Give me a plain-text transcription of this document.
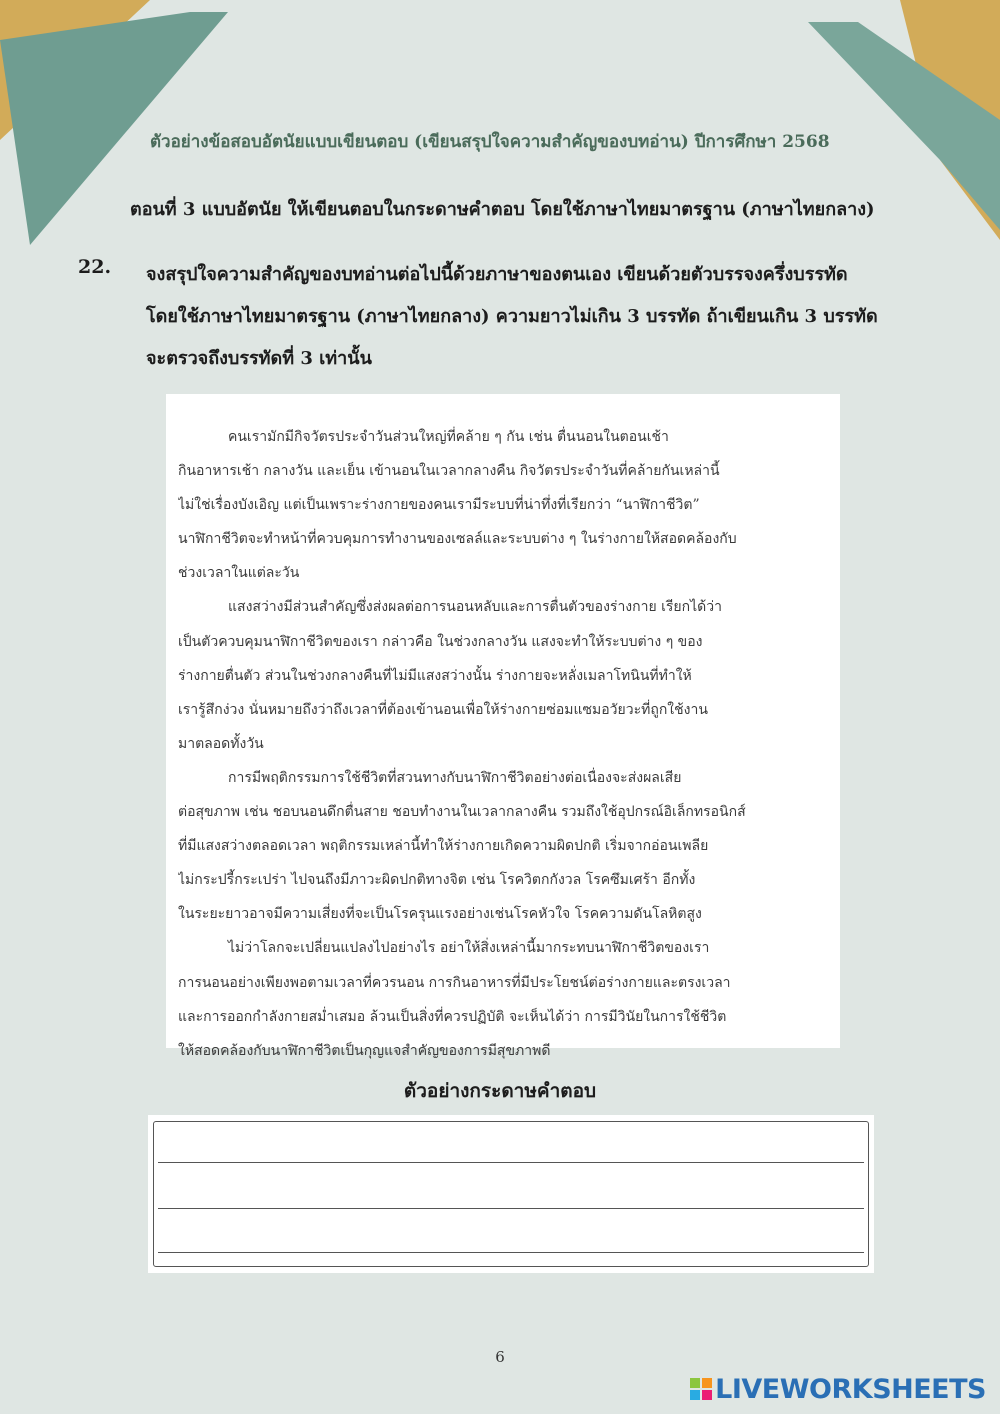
ตัวอย่างข้อสอบอัตนัยแบบเขียนตอบ (เขียนสรุปใจความสำคัญของบทอ่าน) ปีการศึกษา 2568
ตอนที่ 3 แบบอัตนัย ให้เขียนตอบในกระดาษคำตอบ โดยใช้ภาษาไทยมาตรฐาน (ภาษาไทยกลาง)
22. จงสรุปใจความสำคัญของบทอ่านต่อไปนี้ด้วยภาษาของตนเอง เขียนด้วยตัวบรรจงครึ่งบรรทัด
โดยใช้ภาษาไทยมาตรฐาน (ภาษาไทยกลาง) ความยาวไม่เกิน 3 บรรทัด ถ้าเขียนเกิน 3 บรรทัด
จะตรวจถึงบรรทัดที่ 3 เท่านั้น
คนเรามักมีกิจวัตรประจำวันส่วนใหญ่ที่คล้าย ๆ กัน เช่น ตื่นนอนในตอนเช้า
กินอาหารเช้า กลางวัน และเย็น เข้านอนในเวลากลางคืน กิจวัตรประจำวันที่คล้ายกันเหล่านี้
ไม่ใช่เรื่องบังเอิญ แต่เป็นเพราะร่างกายของคนเรามีระบบที่น่าทึ่งที่เรียกว่า “นาฬิกาชีวิต”
นาฬิกาชีวิตจะทำหน้าที่ควบคุมการทำงานของเซลล์และระบบต่าง ๆ ในร่างกายให้สอดคล้องกับ
ช่วงเวลาในแต่ละวัน
แสงสว่างมีส่วนสำคัญซึ่งส่งผลต่อการนอนหลับและการตื่นตัวของร่างกาย เรียกได้ว่า
เป็นตัวควบคุมนาฬิกาชีวิตของเรา กล่าวคือ ในช่วงกลางวัน แสงจะทำให้ระบบต่าง ๆ ของ
ร่างกายตื่นตัว ส่วนในช่วงกลางคืนที่ไม่มีแสงสว่างนั้น ร่างกายจะหลั่งเมลาโทนินที่ทำให้
เรารู้สึกง่วง นั่นหมายถึงว่าถึงเวลาที่ต้องเข้านอนเพื่อให้ร่างกายซ่อมแซมอวัยวะที่ถูกใช้งาน
มาตลอดทั้งวัน
การมีพฤติกรรมการใช้ชีวิตที่สวนทางกับนาฬิกาชีวิตอย่างต่อเนื่องจะส่งผลเสีย
ต่อสุขภาพ เช่น ชอบนอนดึกตื่นสาย ชอบทำงานในเวลากลางคืน รวมถึงใช้อุปกรณ์อิเล็กทรอนิกส์
ที่มีแสงสว่างตลอดเวลา พฤติกรรมเหล่านี้ทำให้ร่างกายเกิดความผิดปกติ เริ่มจากอ่อนเพลีย
ไม่กระปรี้กระเปร่า ไปจนถึงมีภาวะผิดปกติทางจิต เช่น โรควิตกกังวล โรคซึมเศร้า อีกทั้ง
ในระยะยาวอาจมีความเสี่ยงที่จะเป็นโรครุนแรงอย่างเช่นโรคหัวใจ โรคความดันโลหิตสูง
ไม่ว่าโลกจะเปลี่ยนแปลงไปอย่างไร อย่าให้สิ่งเหล่านี้มากระทบนาฬิกาชีวิตของเรา
การนอนอย่างเพียงพอตามเวลาที่ควรนอน การกินอาหารที่มีประโยชน์ต่อร่างกายและตรงเวลา
และการออกกำลังกายสม่ำเสมอ ล้วนเป็นสิ่งที่ควรปฏิบัติ จะเห็นได้ว่า การมีวินัยในการใช้ชีวิต
ให้สอดคล้องกับนาฬิกาชีวิตเป็นกุญแจสำคัญของการมีสุขภาพดี
ตัวอย่างกระดาษคำตอบ
6
LIVEWORKSHEETS
